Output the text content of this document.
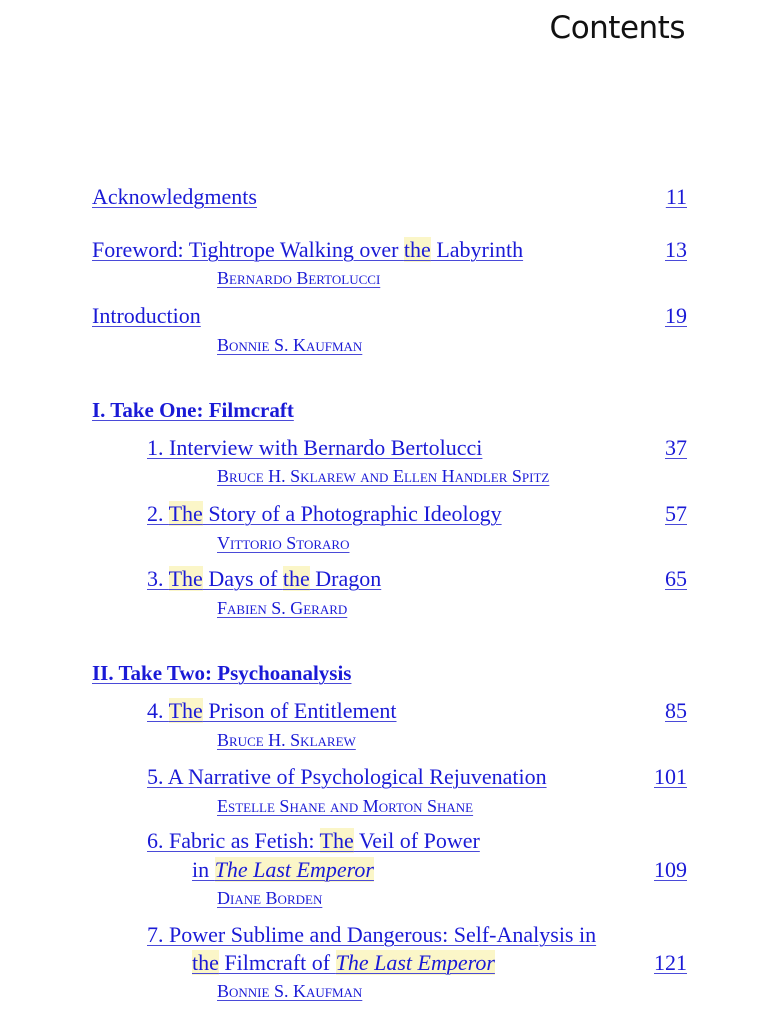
Contents
Acknowledgments	11
Foreword: Tightrope Walking over the Labyrinth	13
Bernardo Bertolucci
Introduction	19
Bonnie S. Kaufman
I. Take One: Filmcraft
1. Interview with Bernardo Bertolucci	37
Bruce H. Sklarew and Ellen Handler Spitz
2. The Story of a Photographic Ideology	57
Vittorio Storaro
3. The Days of the Dragon	65
Fabien S. Gerard
II. Take Two: Psychoanalysis
4. The Prison of Entitlement	85
Bruce H. Sklarew
5. A Narrative of Psychological Rejuvenation	101
Estelle Shane and Morton Shane
6. Fabric as Fetish: The Veil of Power
in The Last Emperor	109
Diane Borden
7. Power Sublime and Dangerous: Self-Analysis in
the Filmcraft of The Last Emperor	121
Bonnie S. Kaufman
